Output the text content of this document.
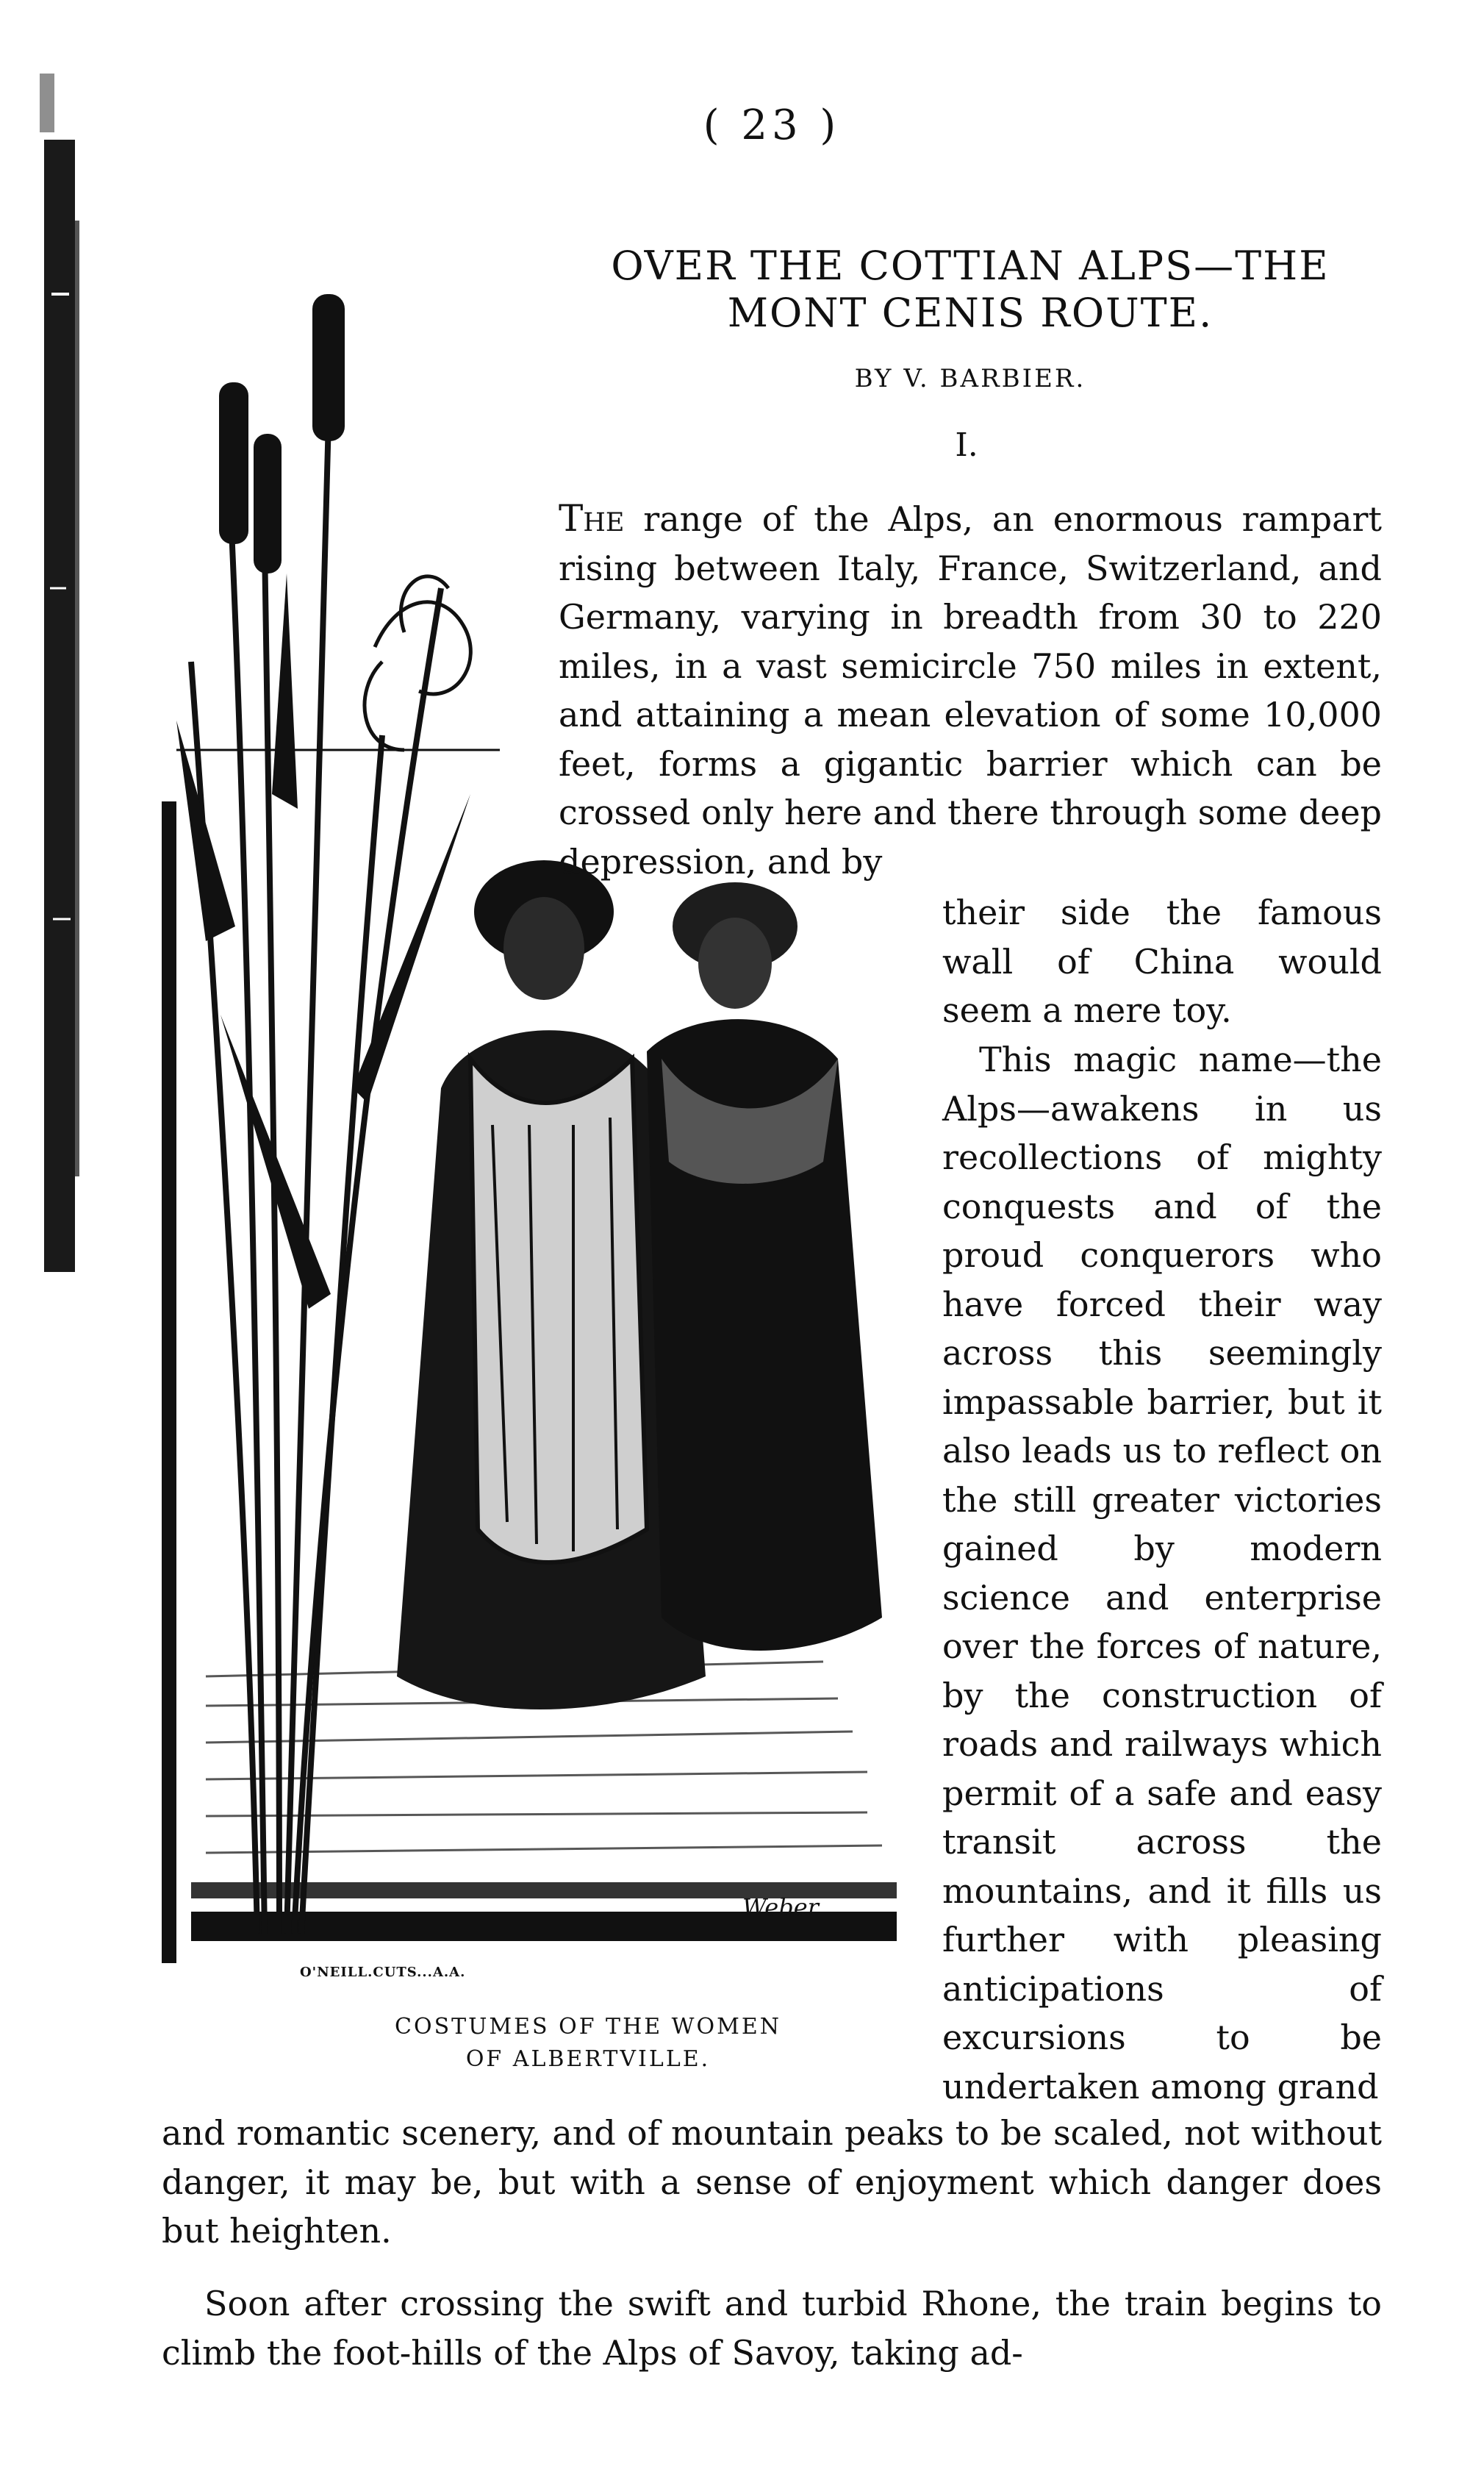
( 23 )
OVER THE COTTIAN ALPS—THE
MONT CENIS ROUTE.
BY V. BARBIER.
I.
Weber
O'NEILL.CUTS...A.A.
COSTUMES OF THE WOMEN
OF ALBERTVILLE.

The range of the Alps, an enormous rampart rising between Italy, France, Switzerland, and Germany, varying in breadth from 30 to 220 miles, in a vast semicircle 750 miles in extent, and attaining a mean elevation of some 10,000 feet, forms a gigantic barrier which can be crossed only here and there through some deep depression, and by

their side the famous wall of China would seem a mere toy.

This magic name—the Alps—awakens in us recollections of mighty conquests and of the proud conquerors who have forced their way across this seemingly impassable barrier, but it also leads us to reflect on the still greater victories gained by modern science and enterprise over the forces of nature, by the construction of roads and railways which permit of a safe and easy transit across the mountains, and it fills us further with pleasing anticipations of excursions to be undertaken among grand

and romantic scenery, and of mountain peaks to be scaled, not without danger, it may be, but with a sense of enjoyment which danger does but heighten.

Soon after crossing the swift and turbid Rhone, the train begins to climb the foot-hills of the Alps of Savoy, taking ad-
